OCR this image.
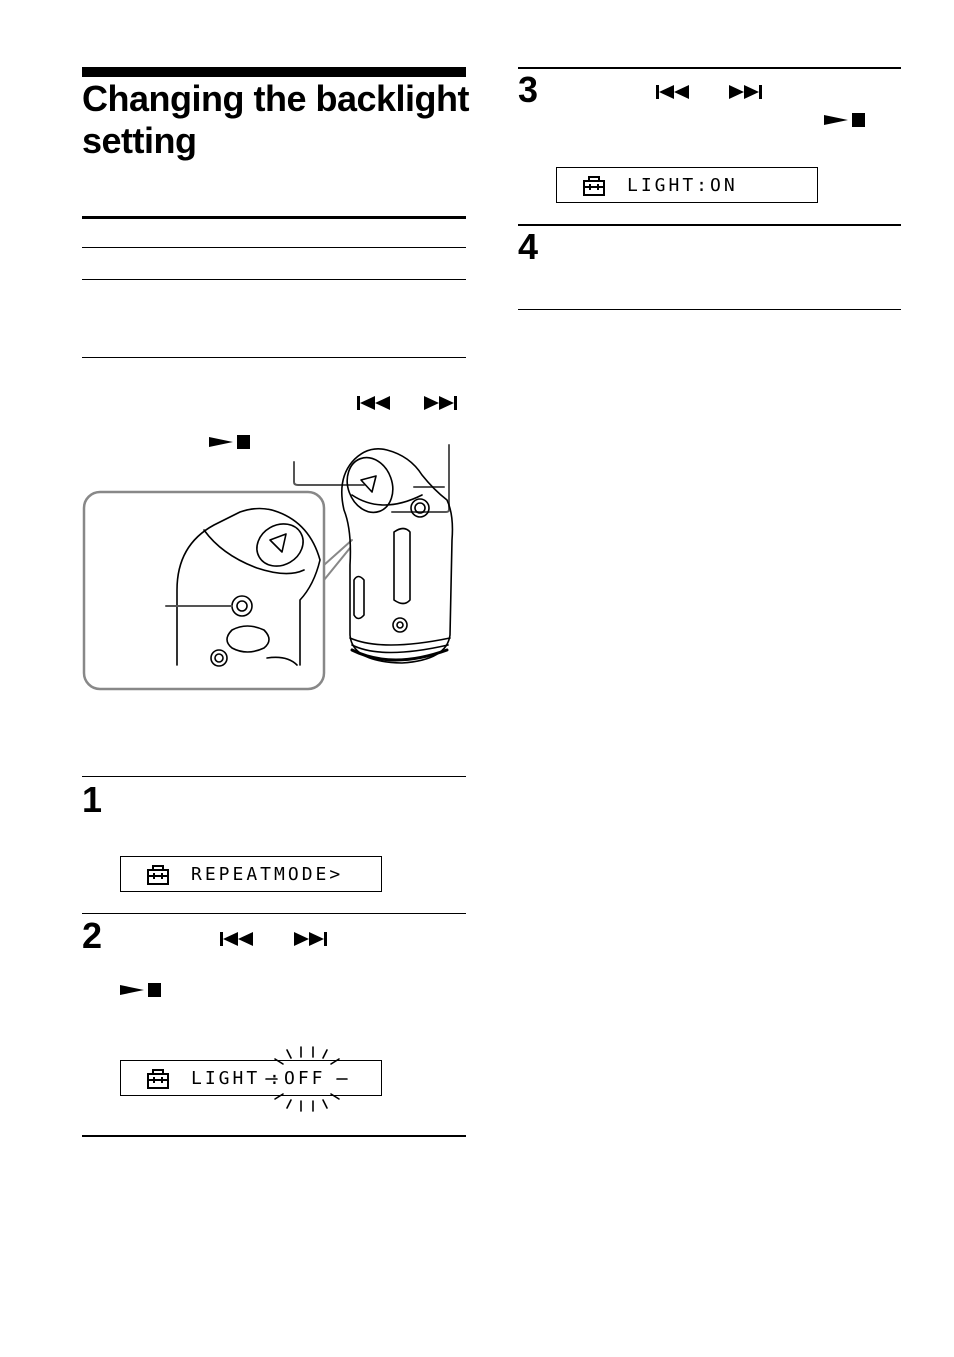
Changing the backlight setting
1
REPEATMODE>
2
LIGHT : OFF
3
LIGHT:ON
4
